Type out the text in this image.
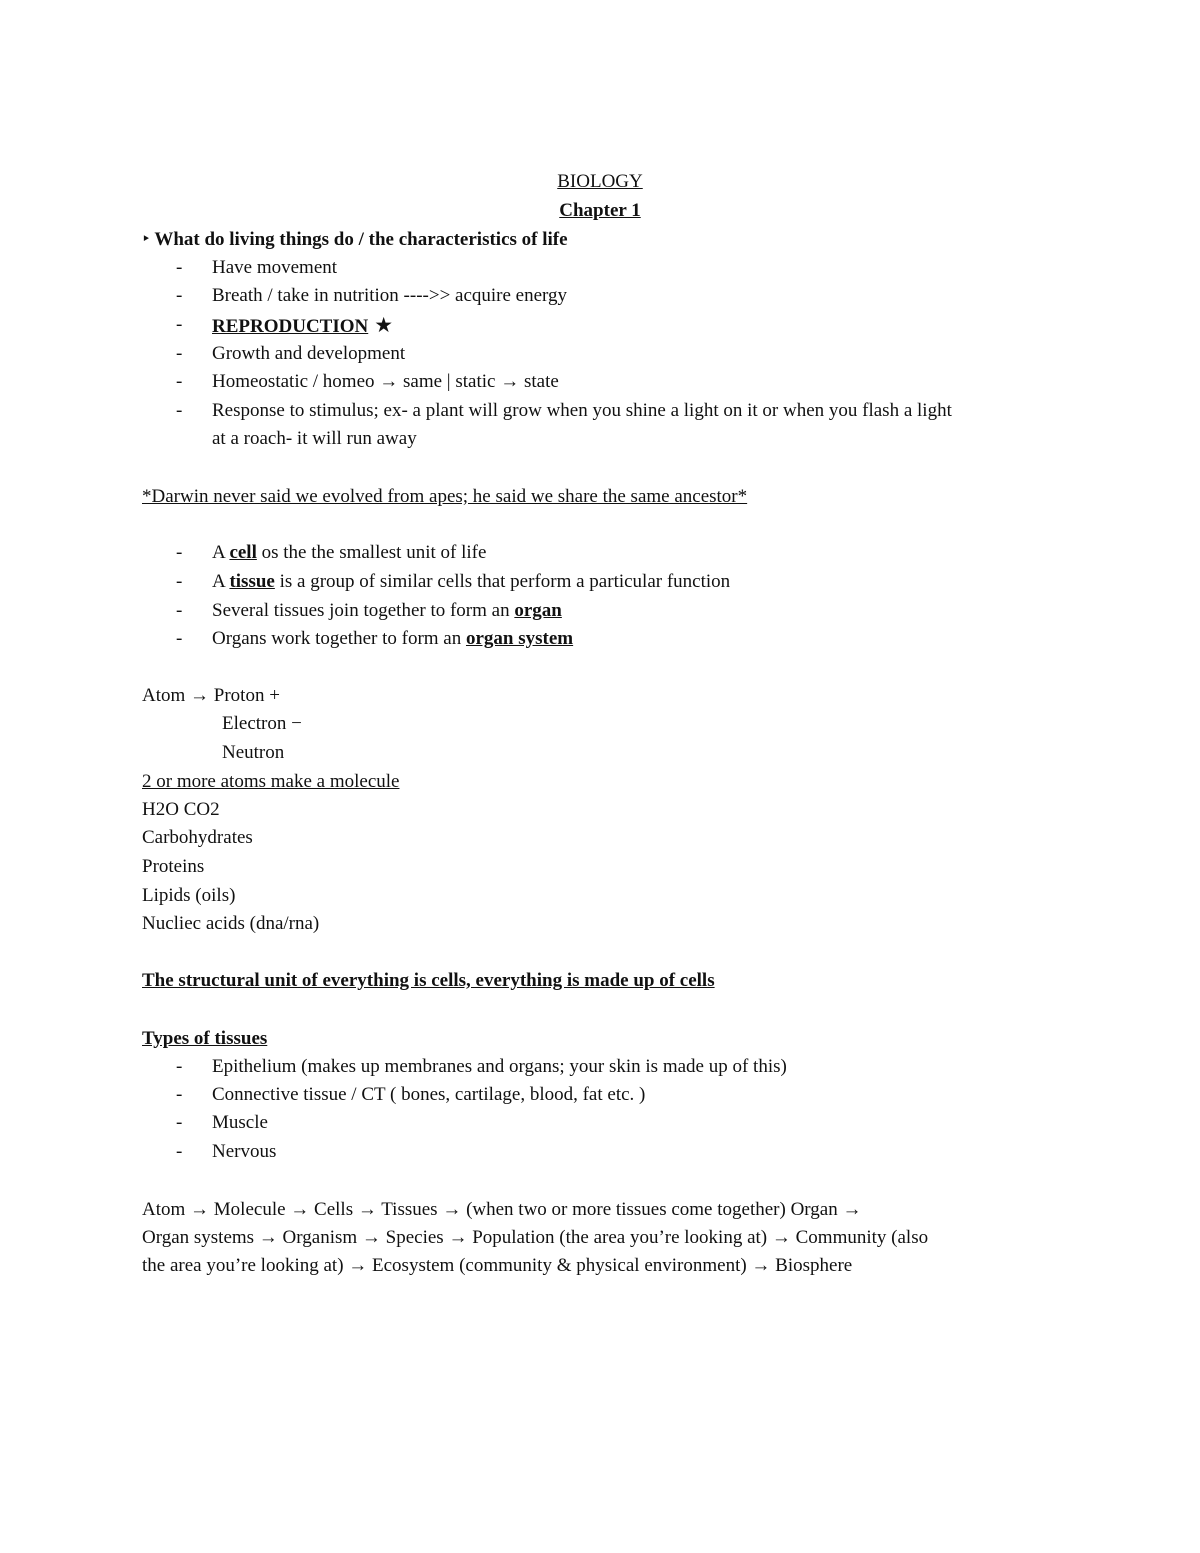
BIOLOGY
Chapter 1
‣ What do living things do / the characteristics of life
- Have movement
- Breath / take in nutrition ---->> acquire energy
- REPRODUCTION ★
- Growth and development
- Homeostatic / homeo → same | static → state
- Response to stimulus; ex- a plant will grow when you shine a light on it or when you flash a light
at a roach- it will run away
*Darwin never said we evolved from apes; he said we share the same ancestor*
- A cell os the the smallest unit of life
- A tissue is a group of similar cells that perform a particular function
- Several tissues join together to form an organ
- Organs work together to form an organ system
Atom → Proton +
Electron −
Neutron
2 or more atoms make a molecule
H2O CO2
Carbohydrates
Proteins
Lipids (oils)
Nucliec acids (dna/rna)
The structural unit of everything is cells, everything is made up of cells
Types of tissues
- Epithelium (makes up membranes and organs; your skin is made up of this)
- Connective tissue / CT ( bones, cartilage, blood, fat etc. )
- Muscle
- Nervous
Atom → Molecule → Cells → Tissues → (when two or more tissues come together) Organ →
Organ systems → Organism → Species → Population (the area you’re looking at) → Community (also
the area you’re looking at) → Ecosystem (community & physical environment) → Biosphere
